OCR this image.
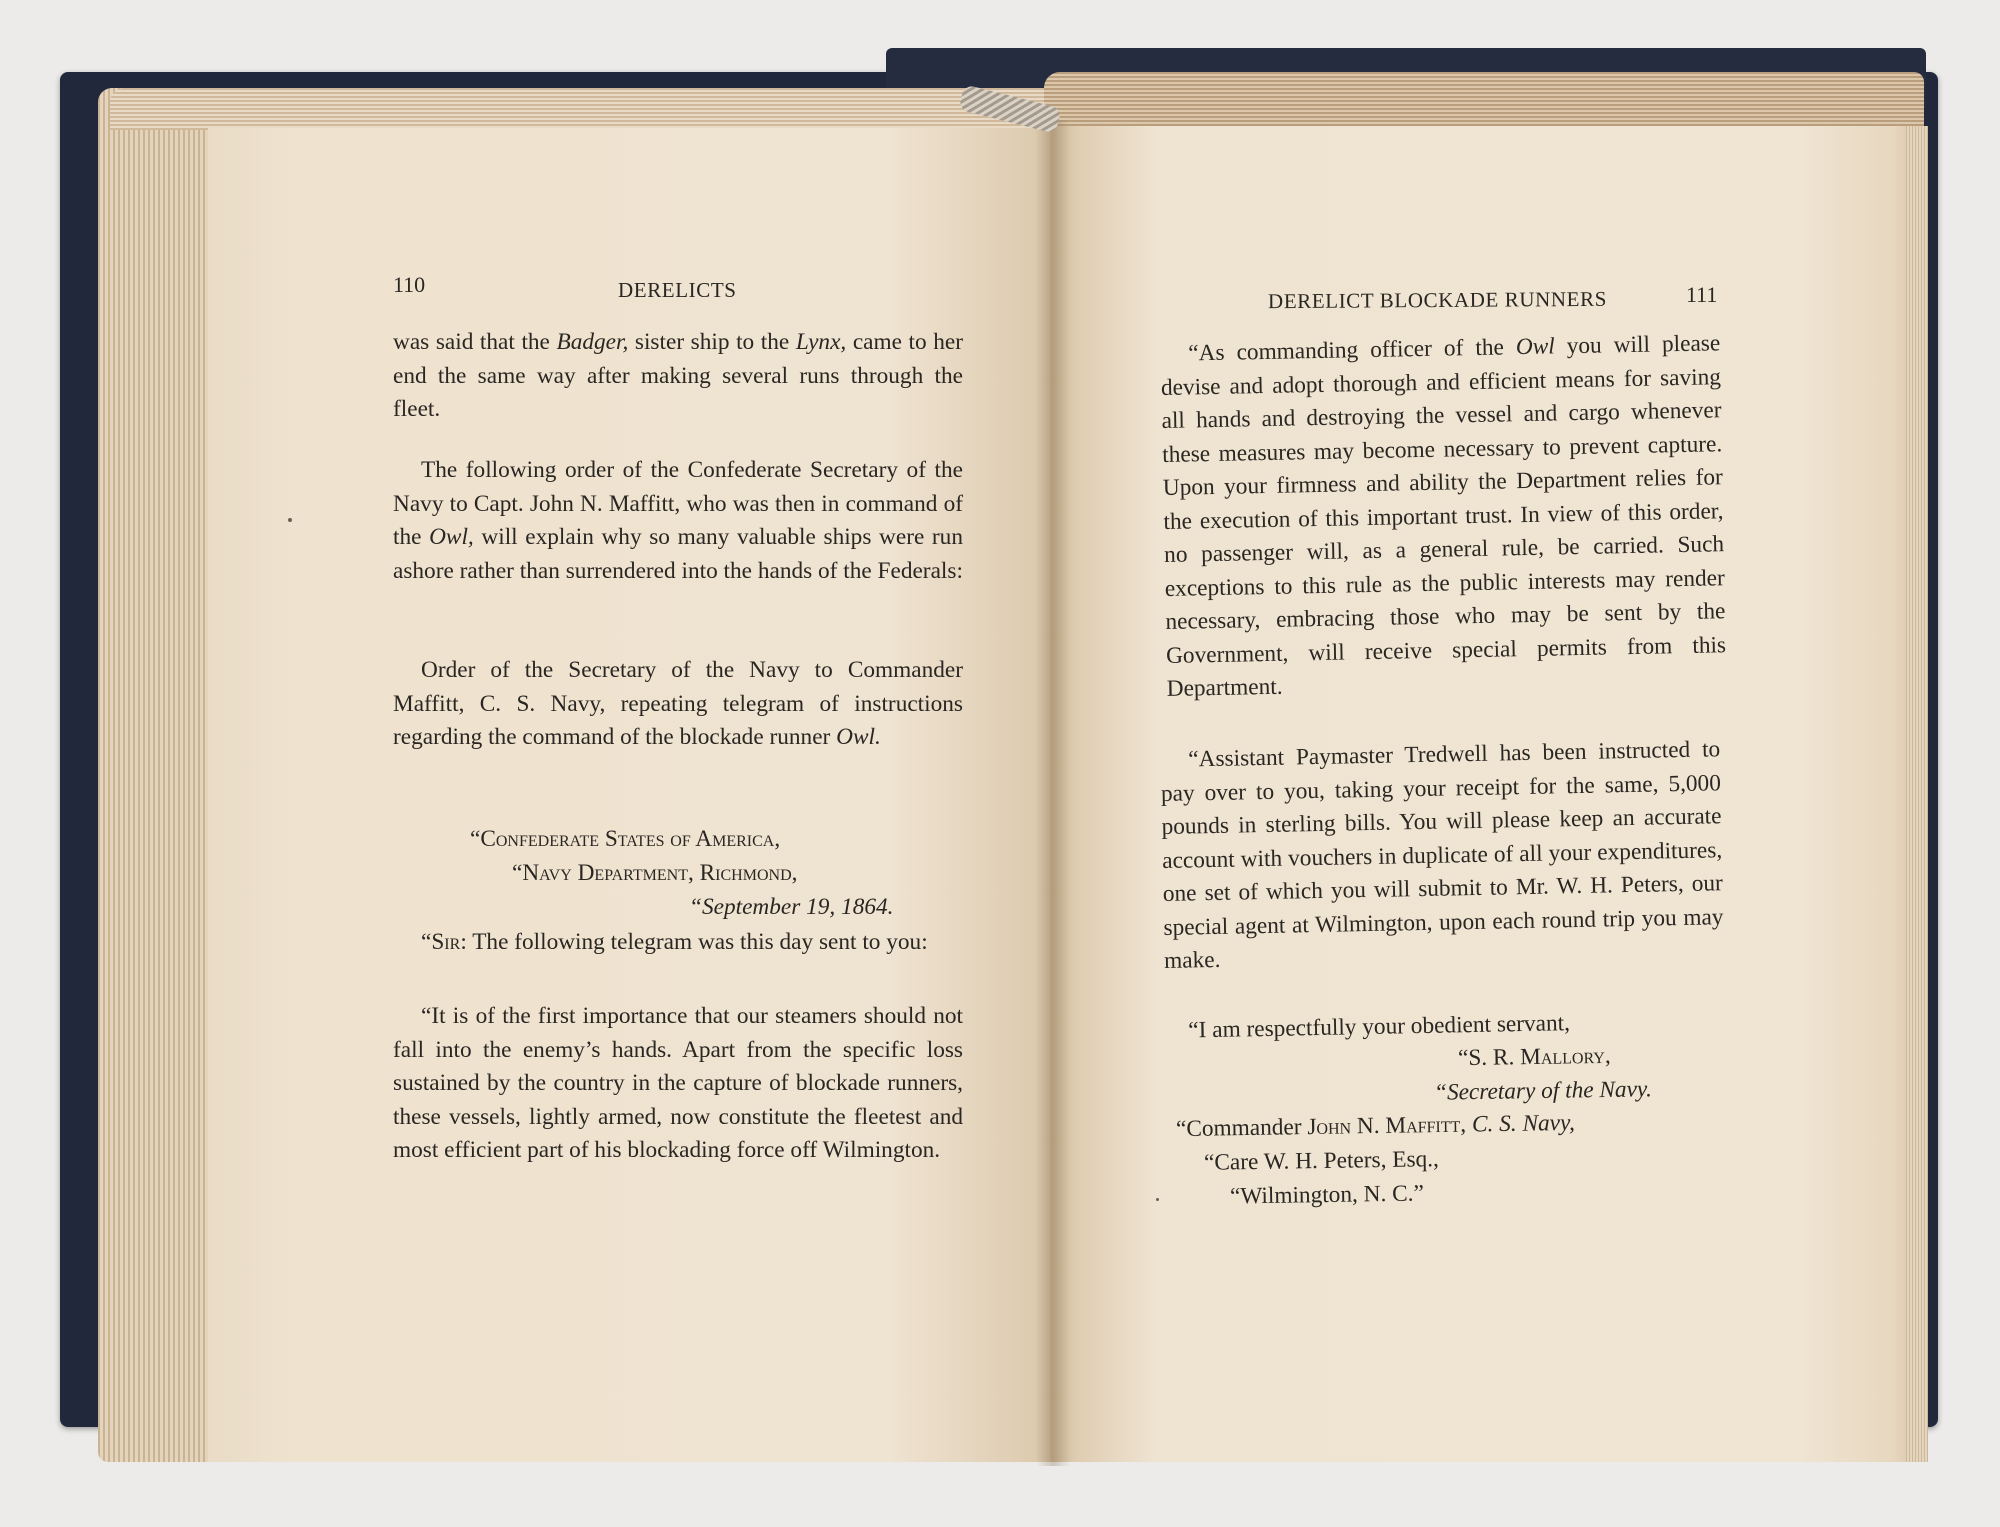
110	DERELICTS

was said that the Badger, sister ship to the Lynx, came to her end the same way after making several runs through the fleet.

The following order of the Confederate Secretary of the Navy to Capt. John N. Maffitt, who was then in command of the Owl, will explain why so many valuable ships were run ashore rather than surrendered into the hands of the Federals:

Order of the Secretary of the Navy to Commander Maffitt, C. S. Navy, repeating telegram of instructions regarding the command of the blockade runner Owl.

“Confederate States of America,
“Navy Department, Richmond,
“September 19, 1864.

“Sir: The following telegram was this day sent to you:

“It is of the first importance that our steamers should not fall into the enemy’s hands. Apart from the specific loss sustained by the country in the capture of blockade runners, these vessels, lightly armed, now constitute the fleetest and most efficient part of his blockading force off Wilmington.

DERELICT BLOCKADE RUNNERS	111

“As commanding officer of the Owl you will please devise and adopt thorough and efficient means for saving all hands and destroying the vessel and cargo whenever these measures may become necessary to prevent capture. Upon your firmness and ability the Department relies for the execution of this important trust. In view of this order, no passenger will, as a general rule, be carried. Such exceptions to this rule as the public interests may render necessary, embracing those who may be sent by the Government, will receive special permits from this Department.

“Assistant Paymaster Tredwell has been instructed to pay over to you, taking your receipt for the same, 5,000 pounds in sterling bills. You will please keep an accurate account with vouchers in duplicate of all your expenditures, one set of which you will submit to Mr. W. H. Peters, our special agent at Wilmington, upon each round trip you may make.

“I am respectfully your obedient servant,

“S. R. Mallory,
“Secretary of the Navy.
“Commander John N. Maffitt, C. S. Navy,
“Care W. H. Peters, Esq.,
“Wilmington, N. C.”
